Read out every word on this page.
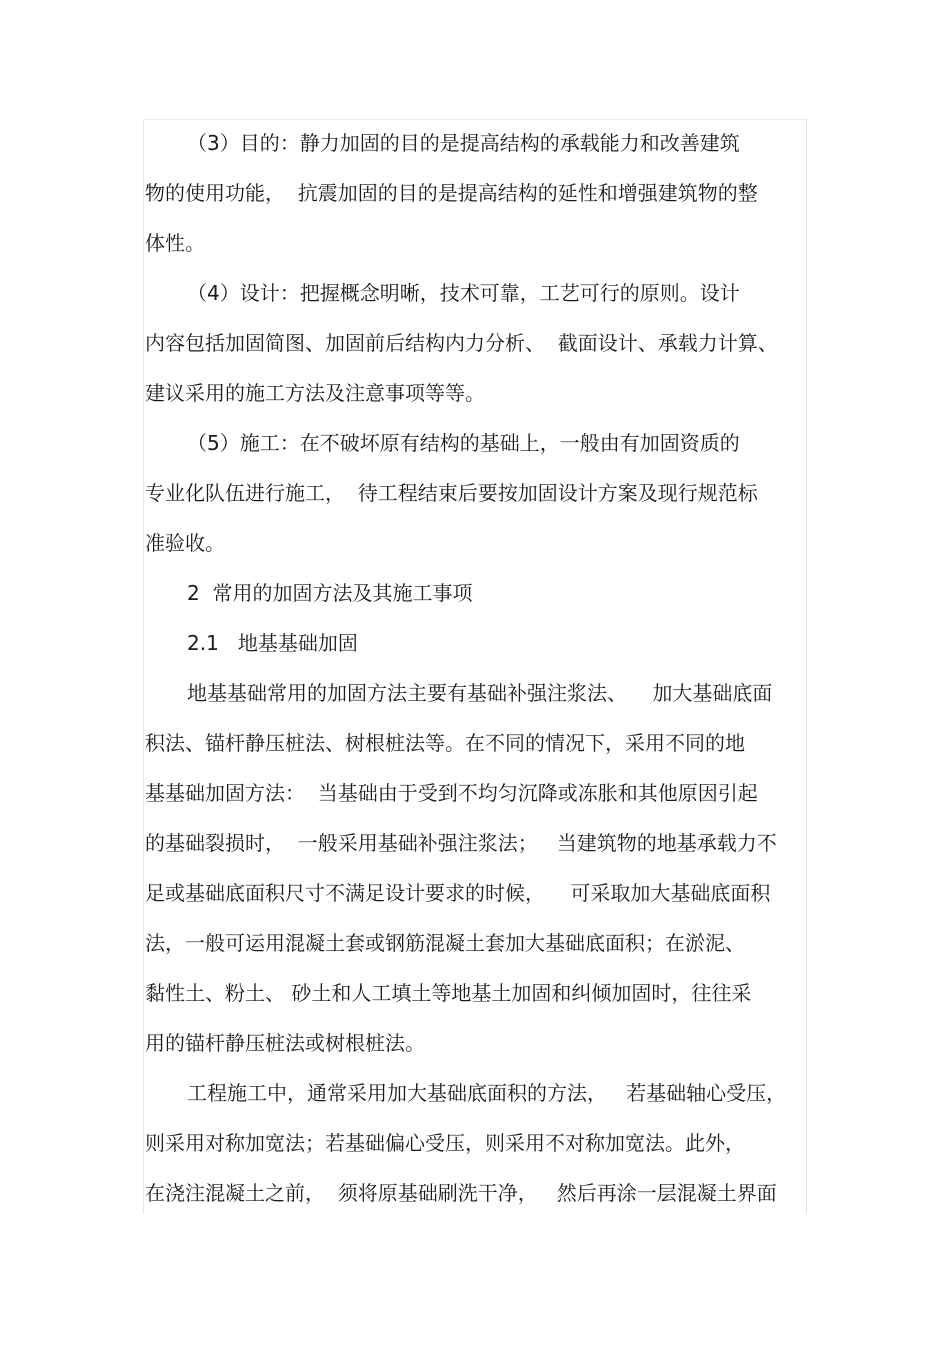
（3）目的：静力加固的目的是提高结构的承载能力和改善建筑
物的使用功能，  抗震加固的目的是提高结构的延性和增强建筑物的整
体性。
（4）设计：把握概念明晰，技术可靠，工艺可行的原则。设计
内容包括加固简图、加固前后结构内力分析、  截面设计、承载力计算、
建议采用的施工方法及注意事项等等。
（5）施工：在不破坏原有结构的基础上，一般由有加固资质的
专业化队伍进行施工，  待工程结束后要按加固设计方案及现行规范标
准验收。
2  常用的加固方法及其施工事项
2.1   地基基础加固
地基基础常用的加固方法主要有基础补强注浆法、    加大基础底面
积法、锚杆静压桩法、树根桩法等。在不同的情况下，采用不同的地
基基础加固方法：  当基础由于受到不均匀沉降或冻胀和其他原因引起
的基础裂损时，  一般采用基础补强注浆法；   当建筑物的地基承载力不
足或基础底面积尺寸不满足设计要求的时候，    可采取加大基础底面积
法，一般可运用混凝土套或钢筋混凝土套加大基础底面积；在淤泥、
黏性土、粉土、 砂土和人工填土等地基土加固和纠倾加固时，往往采
用的锚杆静压桩法或树根桩法。
工程施工中，通常采用加大基础底面积的方法，   若基础轴心受压，
则采用对称加宽法；若基础偏心受压，则采用不对称加宽法。此外，
在浇注混凝土之前，  须将原基础刷洗干净，   然后再涂一层混凝土界面
